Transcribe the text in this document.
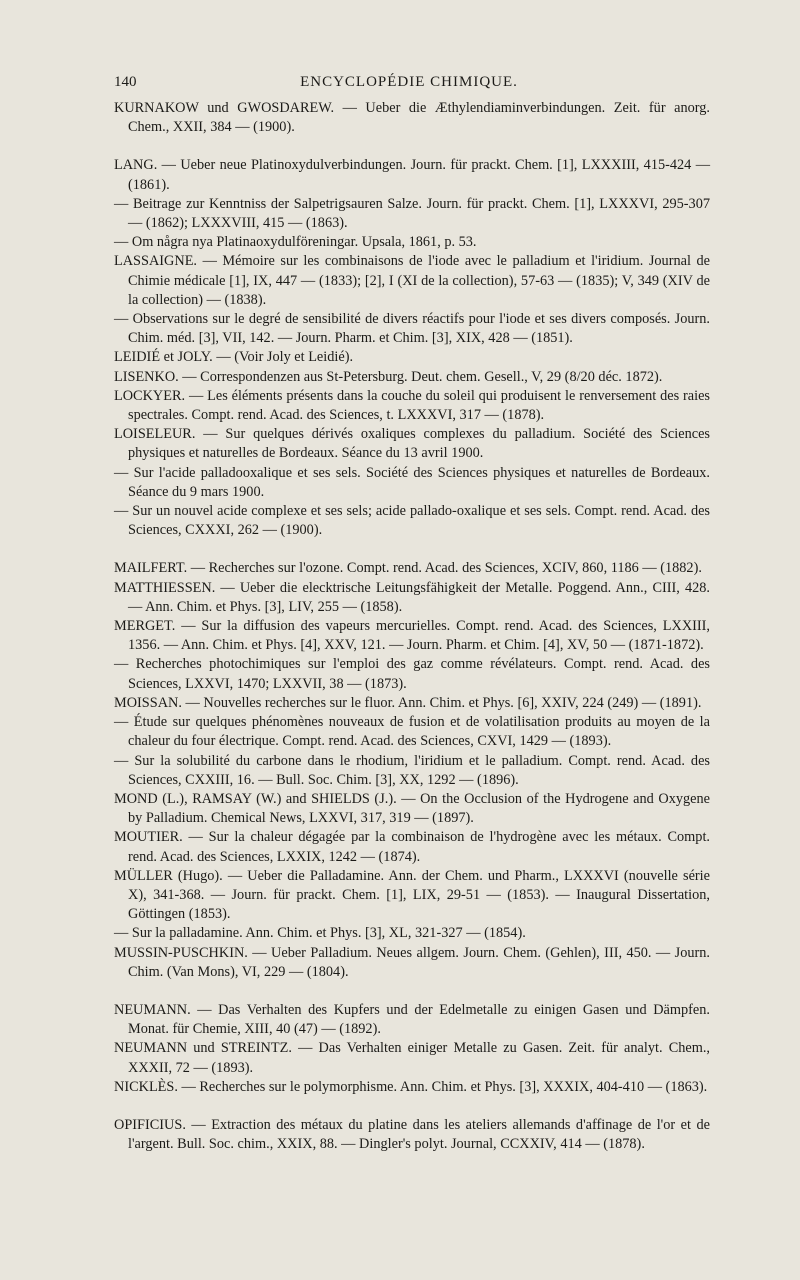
140	ENCYCLOPÉDIE CHIMIQUE.

KURNAKOW und GWOSDAREW. — Ueber die Æthylendiaminverbindungen. Zeit. für anorg. Chem., XXII, 384 — (1900).

LANG. — Ueber neue Platinoxydulverbindungen. Journ. für prackt. Chem. [1], LXXXIII, 415-424 — (1861).

— Beitrage zur Kenntniss der Salpetrigsauren Salze. Journ. für prackt. Chem. [1], LXXXVI, 295-307 — (1862); LXXXVIII, 415 — (1863).

— Om några nya Platinaoxydulföreningar. Upsala, 1861, p. 53.

LASSAIGNE. — Mémoire sur les combinaisons de l'iode avec le palladium et l'iridium. Journal de Chimie médicale [1], IX, 447 — (1833); [2], I (XI de la collection), 57-63 — (1835); V, 349 (XIV de la collection) — (1838).

— Observations sur le degré de sensibilité de divers réactifs pour l'iode et ses divers composés. Journ. Chim. méd. [3], VII, 142. — Journ. Pharm. et Chim. [3], XIX, 428 — (1851).

LEIDIÉ et JOLY. — (Voir Joly et Leidié).

LISENKO. — Correspondenzen aus St-Petersburg. Deut. chem. Gesell., V, 29 (8/20 déc. 1872).

LOCKYER. — Les éléments présents dans la couche du soleil qui produisent le renversement des raies spectrales. Compt. rend. Acad. des Sciences, t. LXXXVI, 317 — (1878).

LOISELEUR. — Sur quelques dérivés oxaliques complexes du palladium. Société des Sciences physiques et naturelles de Bordeaux. Séance du 13 avril 1900.

— Sur l'acide palladooxalique et ses sels. Société des Sciences physiques et naturelles de Bordeaux. Séance du 9 mars 1900.

— Sur un nouvel acide complexe et ses sels; acide pallado-oxalique et ses sels. Compt. rend. Acad. des Sciences, CXXXI, 262 — (1900).

MAILFERT. — Recherches sur l'ozone. Compt. rend. Acad. des Sciences, XCIV, 860, 1186 — (1882).

MATTHIESSEN. — Ueber die elecktrische Leitungsfähigkeit der Metalle. Poggend. Ann., CIII, 428. — Ann. Chim. et Phys. [3], LIV, 255 — (1858).

MERGET. — Sur la diffusion des vapeurs mercurielles. Compt. rend. Acad. des Sciences, LXXIII, 1356. — Ann. Chim. et Phys. [4], XXV, 121. — Journ. Pharm. et Chim. [4], XV, 50 — (1871-1872).

— Recherches photochimiques sur l'emploi des gaz comme révélateurs. Compt. rend. Acad. des Sciences, LXXVI, 1470; LXXVII, 38 — (1873).

MOISSAN. — Nouvelles recherches sur le fluor. Ann. Chim. et Phys. [6], XXIV, 224 (249) — (1891).

— Étude sur quelques phénomènes nouveaux de fusion et de volatilisation produits au moyen de la chaleur du four électrique. Compt. rend. Acad. des Sciences, CXVI, 1429 — (1893).

— Sur la solubilité du carbone dans le rhodium, l'iridium et le palladium. Compt. rend. Acad. des Sciences, CXXIII, 16. — Bull. Soc. Chim. [3], XX, 1292 — (1896).

MOND (L.), RAMSAY (W.) and SHIELDS (J.). — On the Occlusion of the Hydrogene and Oxygene by Palladium. Chemical News, LXXVI, 317, 319 — (1897).

MOUTIER. — Sur la chaleur dégagée par la combinaison de l'hydrogène avec les métaux. Compt. rend. Acad. des Sciences, LXXIX, 1242 — (1874).

MÜLLER (Hugo). — Ueber die Palladamine. Ann. der Chem. und Pharm., LXXXVI (nouvelle série X), 341-368. — Journ. für prackt. Chem. [1], LIX, 29-51 — (1853). — Inaugural Dissertation, Göttingen (1853).

— Sur la palladamine. Ann. Chim. et Phys. [3], XL, 321-327 — (1854).

MUSSIN-PUSCHKIN. — Ueber Palladium. Neues allgem. Journ. Chem. (Gehlen), III, 450. — Journ. Chim. (Van Mons), VI, 229 — (1804).

NEUMANN. — Das Verhalten des Kupfers und der Edelmetalle zu einigen Gasen und Dämpfen. Monat. für Chemie, XIII, 40 (47) — (1892).

NEUMANN und STREINTZ. — Das Verhalten einiger Metalle zu Gasen. Zeit. für analyt. Chem., XXXII, 72 — (1893).

NICKLÈS. — Recherches sur le polymorphisme. Ann. Chim. et Phys. [3], XXXIX, 404-410 — (1863).

OPIFICIUS. — Extraction des métaux du platine dans les ateliers allemands d'affinage de l'or et de l'argent. Bull. Soc. chim., XXIX, 88. — Dingler's polyt. Journal, CCXXIV, 414 — (1878).
